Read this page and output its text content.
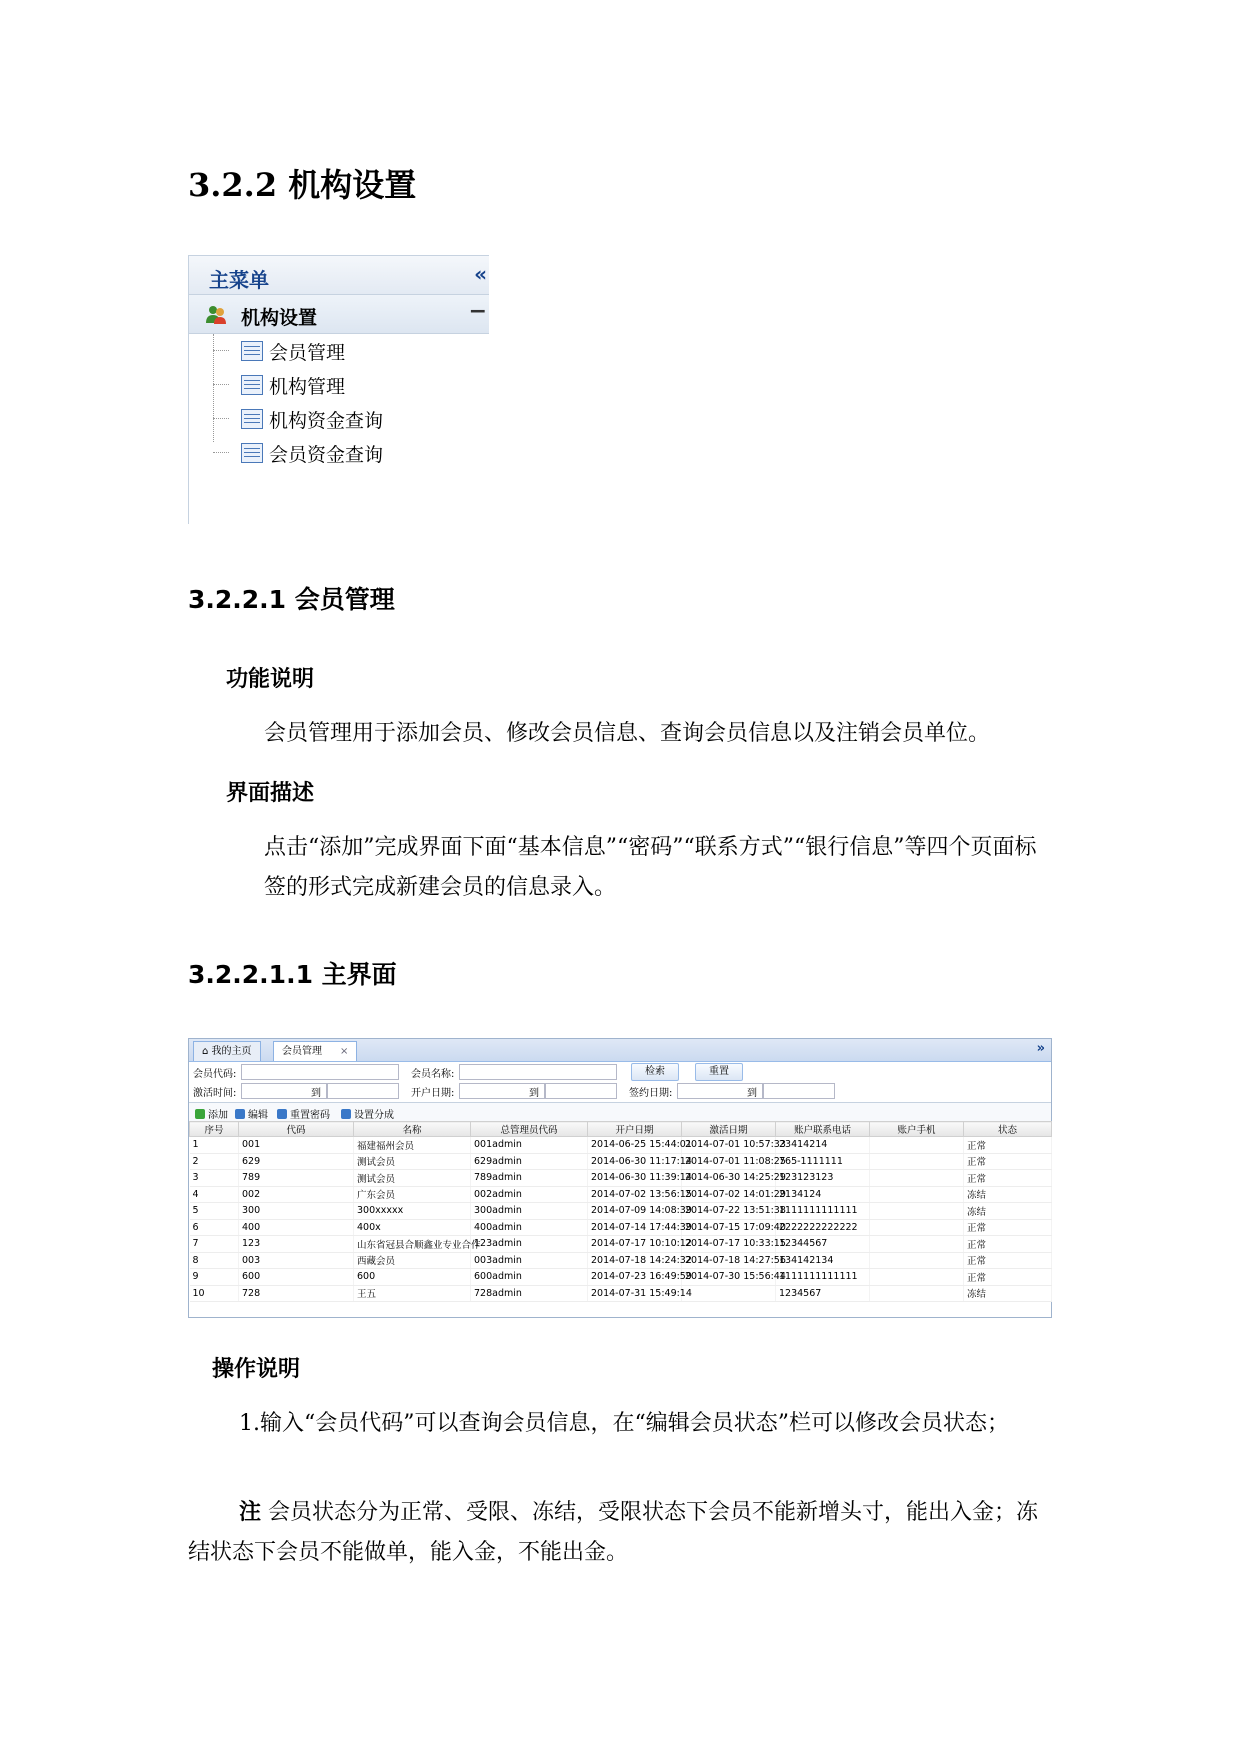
3.2.2 机构设置
主菜单	«
机构设置	−
会员管理
机构管理
机构资金查询
会员资金查询
3.2.2.1 会员管理
功能说明
会员管理用于添加会员、修改会员信息、查询会员信息以及注销会员单位。
界面描述
点击“添加”完成界面下面“基本信息”“密码”“联系方式”“银行信息”等四个页面标签的形式完成新建会员的信息录入。
3.2.2.1.1 主界面
⌂ 我的主页	会员管理 ×	»
会员代码:	会员名称:	检索	重置
激活时间:	到	开户日期:	到	签约日期:	到
添加	编辑	重置密码	设置分成
序号	代码	名称	总管理员代码	开户日期	激活日期	账户联系电话	账户手机	状态
1	001	福建福州会员	001admin	2014-06-25 15:44:01	2014-07-01 10:57:33	23414214		正常
2	629	测试会员	629admin	2014-06-30 11:17:14	2014-07-01 11:08:25	765-1111111		正常
3	789	测试会员	789admin	2014-06-30 11:39:14	2014-06-30 14:25:29	123123123		正常
4	002	广东会员	002admin	2014-07-02 13:56:15	2014-07-02 14:01:29	2134124		冻结
5	300	300xxxxx	300admin	2014-07-09 14:08:39	2014-07-22 13:51:38	1111111111111		冻结
6	400	400x	400admin	2014-07-14 17:44:39	2014-07-15 17:09:40	2222222222222		正常
7	123	山东省冠县合顺鑫业专业合作	123admin	2014-07-17 10:10:12	2014-07-17 10:33:15	12344567		正常
8	003	西藏会员	003admin	2014-07-18 14:24:32	2014-07-18 14:27:56	134142134		正常
9	600	600	600admin	2014-07-23 16:49:59	2014-07-30 15:56:44	1111111111111		正常
10	728	王五	728admin	2014-07-31 15:49:14		1234567		冻结
操作说明
1.输入“会员代码”可以查询会员信息，在“编辑会员状态”栏可以修改会员状态；
注 会员状态分为正常、受限、冻结，受限状态下会员不能新增头寸，能出入金；冻结状态下会员不能做单，能入金，不能出金。
